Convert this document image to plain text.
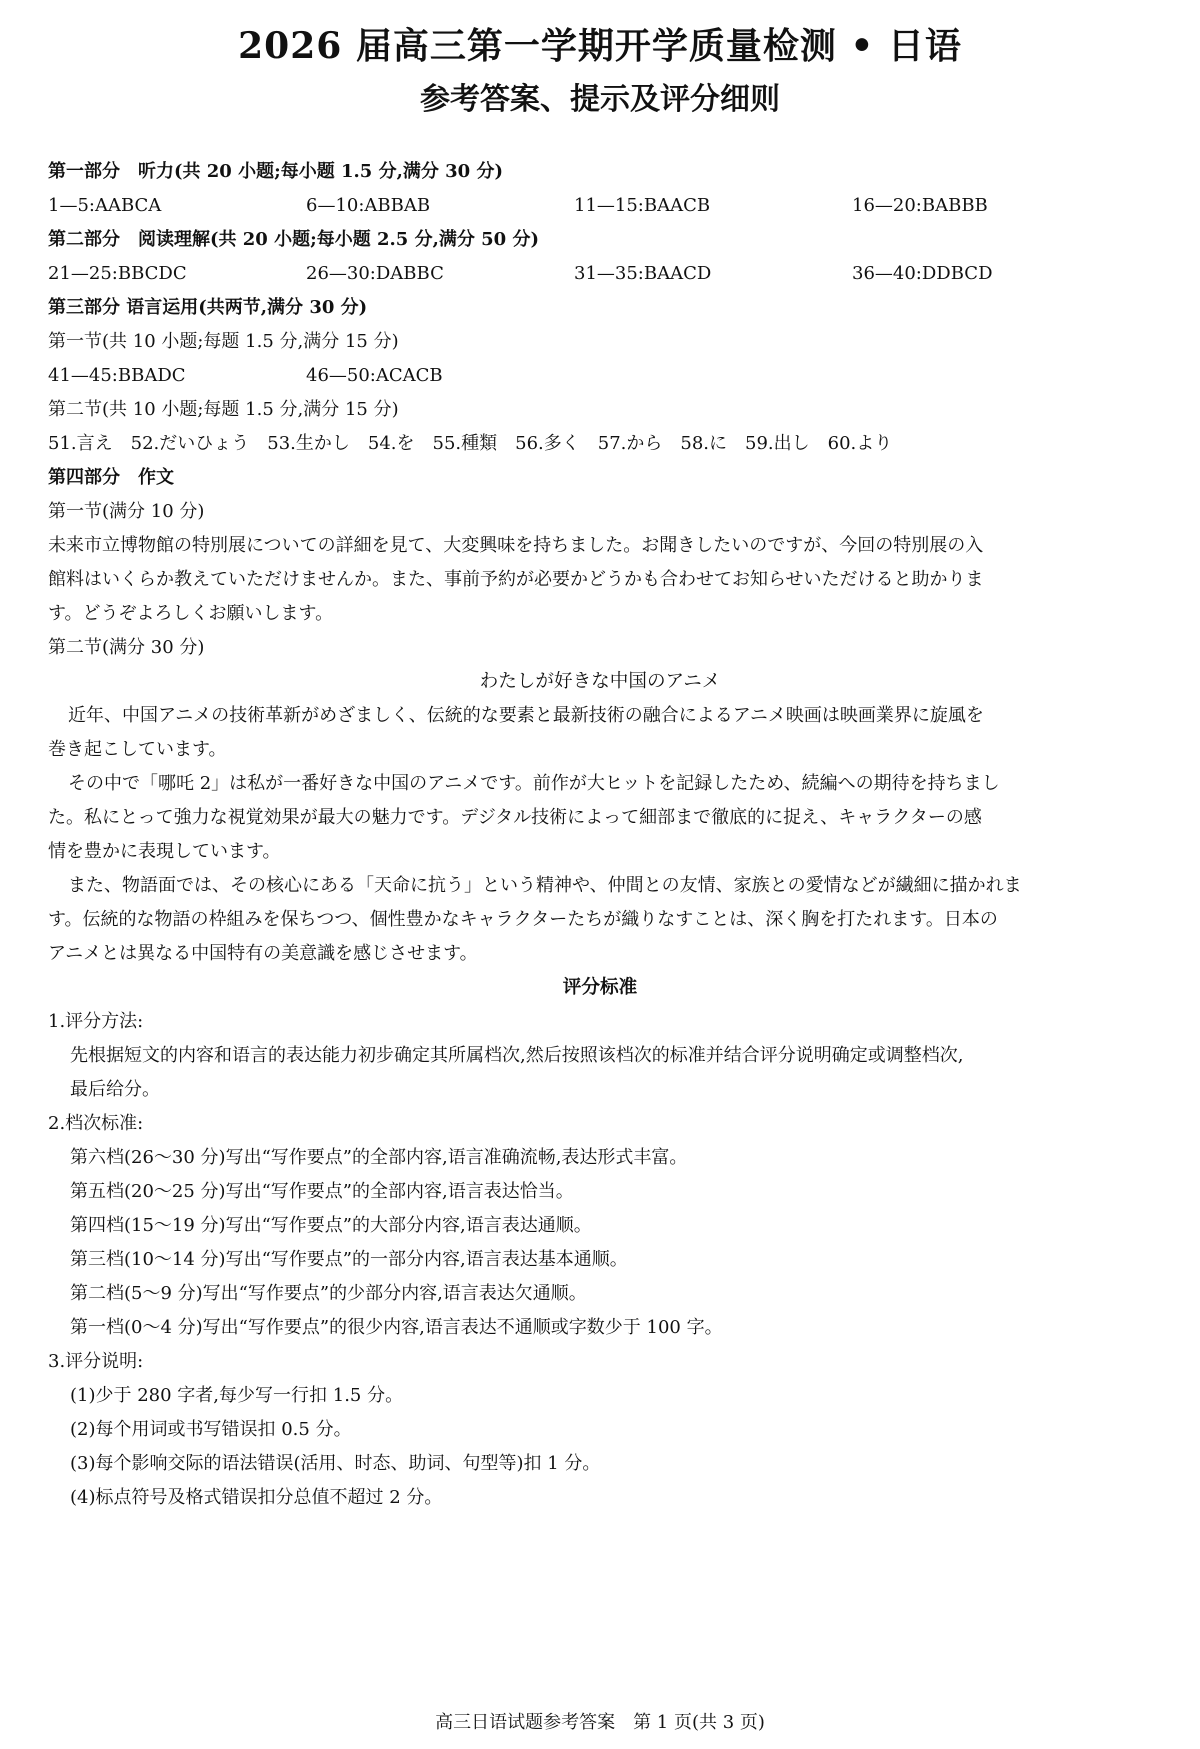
2026 届高三第一学期开学质量检测 • 日语
参考答案、提示及评分细则
第一部分　听力(共 20 小题;每小题 1.5 分,满分 30 分)
1—5:AABCA	6—10:ABBAB	11—15:BAACB	16—20:BABBB
第二部分　阅读理解(共 20 小题;每小题 2.5 分,满分 50 分)
21—25:BBCDC	26—30:DABBC	31—35:BAACD	36—40:DDBCD
第三部分 语言运用(共两节,满分 30 分)
第一节(共 10 小题;每题 1.5 分,满分 15 分)
41—45:BBADC	46—50:ACACB
第二节(共 10 小题;每题 1.5 分,满分 15 分)
51.言え　52.だいひょう　53.生かし　54.を　55.種類　56.多く　57.から　58.に　59.出し　60.より
第四部分　作文
第一节(满分 10 分)
未来市立博物館の特別展についての詳細を見て、大変興味を持ちました。お聞きしたいのですが、今回の特別展の入
館料はいくらか教えていただけませんか。また、事前予約が必要かどうかも合わせてお知らせいただけると助かりま
す。どうぞよろしくお願いします。
第二节(满分 30 分)
わたしが好きな中国のアニメ
近年、中国アニメの技術革新がめざましく、伝統的な要素と最新技術の融合によるアニメ映画は映画業界に旋風を
巻き起こしています。
その中で「哪吒 2」は私が一番好きな中国のアニメです。前作が大ヒットを記録したため、続編への期待を持ちまし
た。私にとって強力な視覚効果が最大の魅力です。デジタル技術によって細部まで徹底的に捉え、キャラクターの感
情を豊かに表現しています。
また、物語面では、その核心にある「天命に抗う」という精神や、仲間との友情、家族との愛情などが繊細に描かれま
す。伝統的な物語の枠組みを保ちつつ、個性豊かなキャラクターたちが織りなすことは、深く胸を打たれます。日本の
アニメとは異なる中国特有の美意識を感じさせます。
评分标准
1.评分方法:
先根据短文的内容和语言的表达能力初步确定其所属档次,然后按照该档次的标准并结合评分说明确定或调整档次,
最后给分。
2.档次标准:
第六档(26～30 分)写出“写作要点”的全部内容,语言准确流畅,表达形式丰富。
第五档(20～25 分)写出“写作要点”的全部内容,语言表达恰当。
第四档(15～19 分)写出“写作要点”的大部分内容,语言表达通顺。
第三档(10～14 分)写出“写作要点”的一部分内容,语言表达基本通顺。
第二档(5～9 分)写出“写作要点”的少部分内容,语言表达欠通顺。
第一档(0～4 分)写出“写作要点”的很少内容,语言表达不通顺或字数少于 100 字。
3.评分说明:
(1)少于 280 字者,每少写一行扣 1.5 分。
(2)每个用词或书写错误扣 0.5 分。
(3)每个影响交际的语法错误(活用、时态、助词、句型等)扣 1 分。
(4)标点符号及格式错误扣分总值不超过 2 分。
高三日语试题参考答案　第 1 页(共 3 页)
